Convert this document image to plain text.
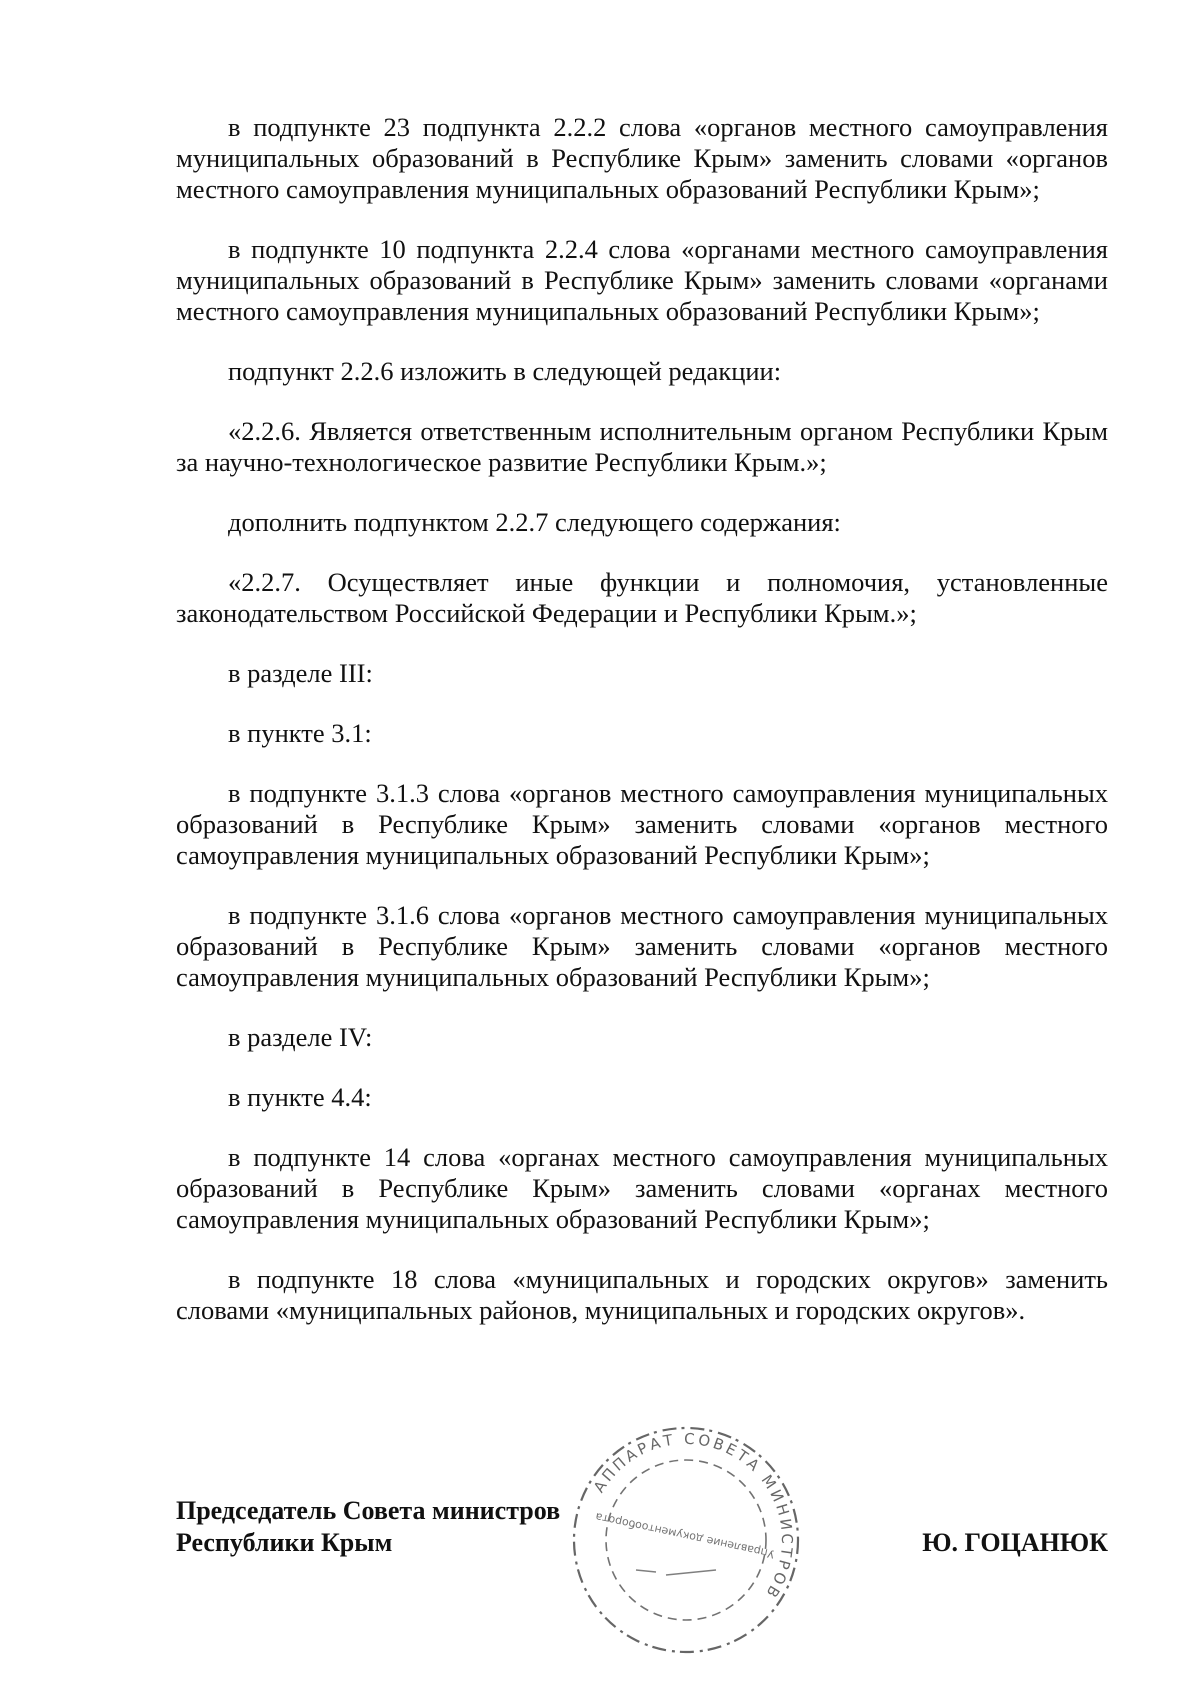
в подпункте 23 подпункта 2.2.2 слова «органов местного самоуправления муниципальных образований в Республике Крым» заменить словами «органов местного самоуправления муниципальных образований Республики Крым»;

в подпункте 10 подпункта 2.2.4 слова «органами местного самоуправления муниципальных образований в Республике Крым» заменить словами «органами местного самоуправления муниципальных образований Республики Крым»;

подпункт 2.2.6 изложить в следующей редакции:

«2.2.6. Является ответственным исполнительным органом Республики Крым за научно-технологическое развитие Республики Крым.»;

дополнить подпунктом 2.2.7 следующего содержания:

«2.2.7. Осуществляет иные функции и полномочия, установленные законодательством Российской Федерации и Республики Крым.»;

в разделе III:

в пункте 3.1:

в подпункте 3.1.3 слова «органов местного самоуправления муниципальных образований в Республике Крым» заменить словами «органов местного самоуправления муниципальных образований Республики Крым»;

в подпункте 3.1.6 слова «органов местного самоуправления муниципальных образований в Республике Крым» заменить словами «органов местного самоуправления муниципальных образований Республики Крым»;

в разделе IV:

в пункте 4.4:

в подпункте 14 слова «органах местного самоуправления муниципальных образований в Республике Крым» заменить словами «органах местного самоуправления муниципальных образований Республики Крым»;

в подпункте 18 слова «муниципальных и городских округов» заменить словами «муниципальных районов, муниципальных и городских округов».

АППАРАТ СОВЕТА МИНИСТРОВ
Управление документооборота
Председатель Совета министров
Республики Крым	Ю. ГОЦАНЮК
